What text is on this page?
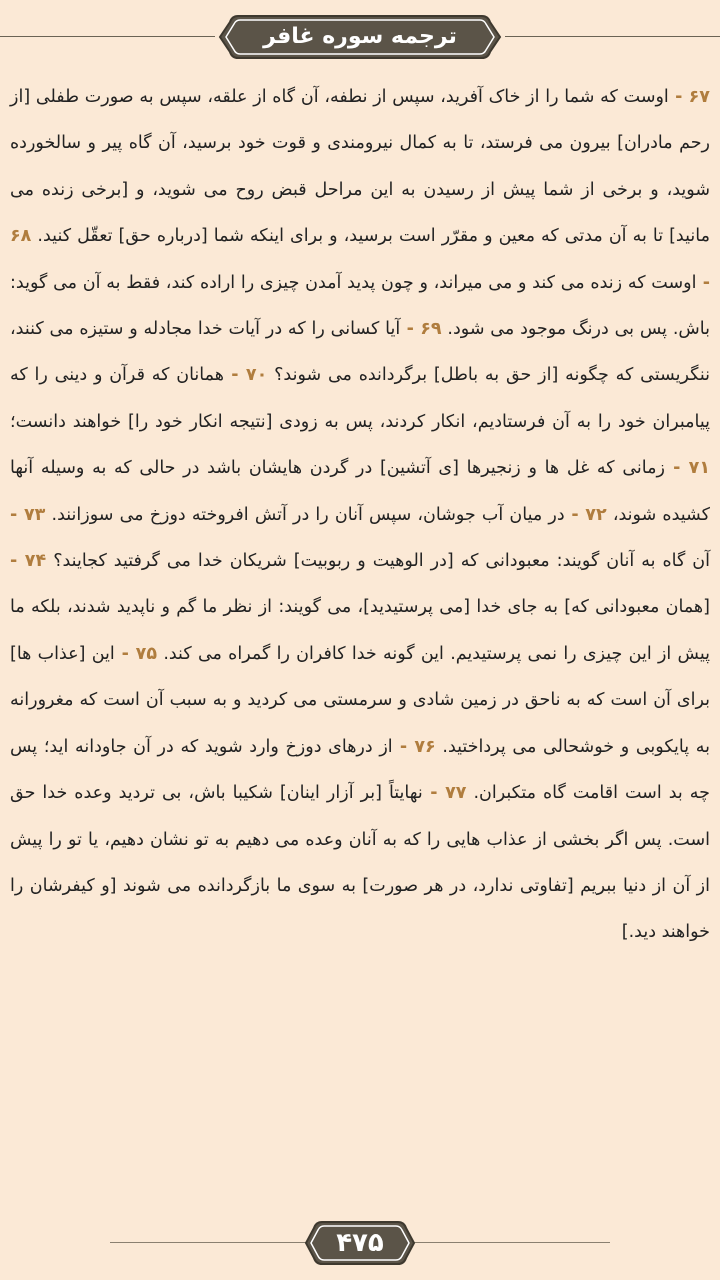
ترجمه سوره غافر

۶۷ - اوست که شما را از خاک آفرید، سپس از نطفه، آن گاه از علقه، سپس به صورت طفلی [از رحم مادران] بیرون می فرستد، تا به کمال نیرومندی و قوت خود برسید، آن گاه پیر و سالخورده شوید، و برخی از شما پیش از رسیدن به این مراحل قبض روح می شوید، و [برخی زنده می مانید] تا به آن مدتی که معین و مقرّر است برسید، و برای اینکه شما [درباره حق] تعقّل کنید. ۶۸ - اوست که زنده می کند و می میراند، و چون پدید آمدن چیزی را اراده کند، فقط به آن می گوید: باش. پس بی درنگ موجود می شود. ۶۹ - آیا کسانی را که در آیات خدا مجادله و ستیزه می کنند، ننگریستی که چگونه [از حق به باطل] برگردانده می شوند؟ ۷۰ - همانان که قرآن و دینی را که پیامبران خود را به آن فرستادیم، انکار کردند، پس به زودی [نتیجه انکار خود را] خواهند دانست؛ ۷۱ - زمانی که غل ها و زنجیرها [ی آتشین] در گردن هایشان باشد در حالی که به وسیله آنها کشیده شوند، ۷۲ - در میان آب جوشان، سپس آنان را در آتش افروخته دوزخ می سوزانند. ۷۳ - آن گاه به آنان گویند: معبودانی که [در الوهیت و ربوبیت] شریکان خدا می گرفتید کجایند؟ ۷۴ - [همان معبودانی که] به جای خدا [می پرستیدید]، می گویند: از نظر ما گم و ناپدید شدند، بلکه ما پیش از این چیزی را نمی پرستیدیم. این گونه خدا کافران را گمراه می کند. ۷۵ - این [عذاب ها] برای آن است که به ناحق در زمین شادی و سرمستی می کردید و به سبب آن است که مغرورانه به پایکوبی و خوشحالی می پرداختید. ۷۶ - از درهای دوزخ وارد شوید که در آن جاودانه اید؛ پس چه بد است اقامت گاه متکبران. ۷۷ - نهایتاً [بر آزار اینان] شکیبا باش، بی تردید وعده خدا حق است. پس اگر بخشی از عذاب هایی را که به آنان وعده می دهیم به تو نشان دهیم، یا تو را پیش از آن از دنیا ببریم [تفاوتی ندارد، در هر صورت] به سوی ما بازگردانده می شوند [و کیفرشان را خواهند دید.]

۴۷۵
